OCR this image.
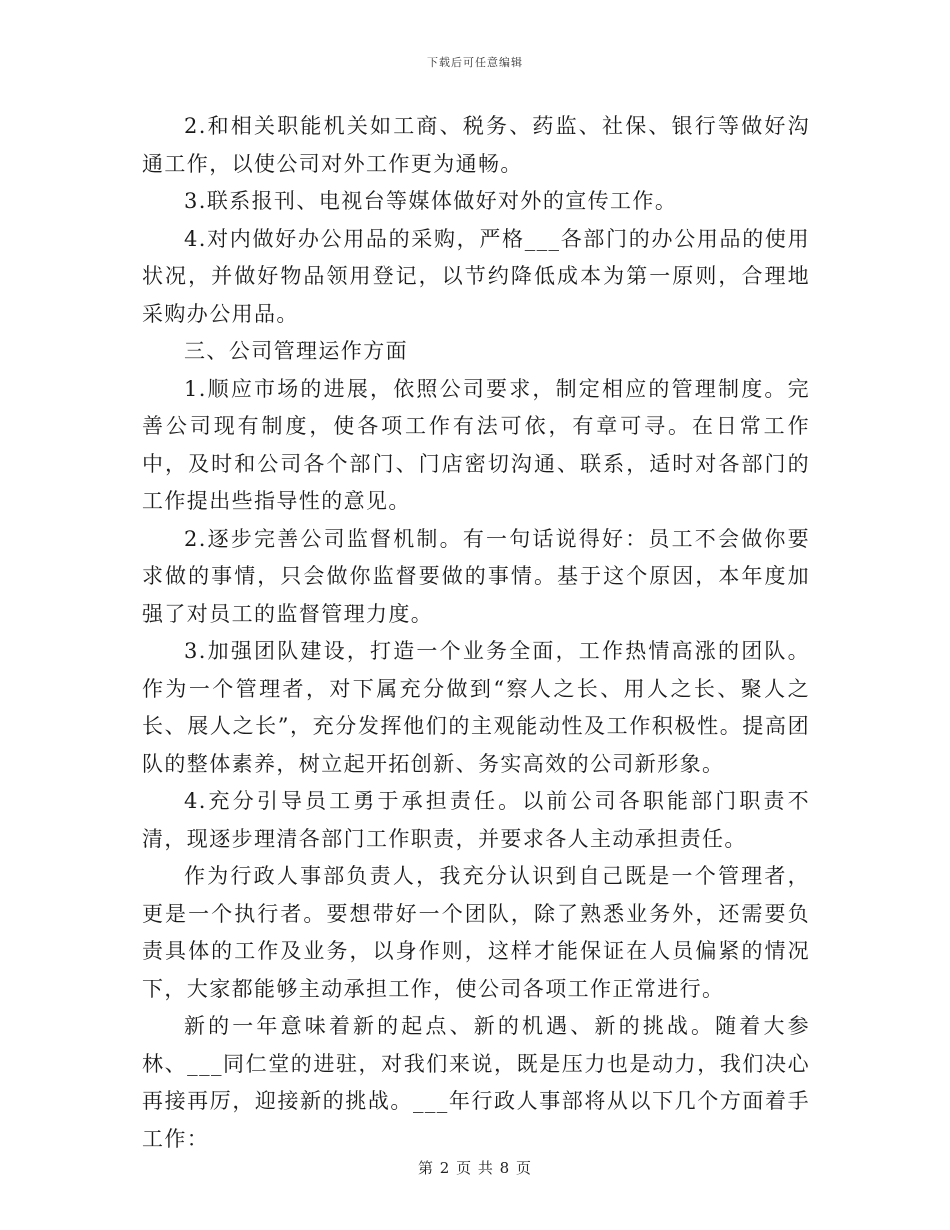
下载后可任意编辑

2.和相关职能机关如工商、税务、药监、社保、银行等做好沟通工作，以使公司对外工作更为通畅。

3.联系报刊、电视台等媒体做好对外的宣传工作。

4.对内做好办公用品的采购，严格___各部门的办公用品的使用状况，并做好物品领用登记，以节约降低成本为第一原则，合理地采购办公用品。

三、公司管理运作方面

1.顺应市场的进展，依照公司要求，制定相应的管理制度。完善公司现有制度，使各项工作有法可依，有章可寻。在日常工作中，及时和公司各个部门、门店密切沟通、联系，适时对各部门的工作提出些指导性的意见。

2.逐步完善公司监督机制。有一句话说得好：员工不会做你要求做的事情，只会做你监督要做的事情。基于这个原因，本年度加强了对员工的监督管理力度。

3.加强团队建设，打造一个业务全面，工作热情高涨的团队。作为一个管理者，对下属充分做到“察人之长、用人之长、聚人之长、展人之长”，充分发挥他们的主观能动性及工作积极性。提高团队的整体素养，树立起开拓创新、务实高效的公司新形象。

4.充分引导员工勇于承担责任。以前公司各职能部门职责不清，现逐步理清各部门工作职责，并要求各人主动承担责任。

作为行政人事部负责人，我充分认识到自己既是一个管理者，更是一个执行者。要想带好一个团队，除了熟悉业务外，还需要负责具体的工作及业务，以身作则，这样才能保证在人员偏紧的情况下，大家都能够主动承担工作，使公司各项工作正常进行。

新的一年意味着新的起点、新的机遇、新的挑战。随着大参林、___同仁堂的进驻，对我们来说，既是压力也是动力，我们决心再接再厉，迎接新的挑战。___年行政人事部将从以下几个方面着手工作：

第 2 页 共 8 页
